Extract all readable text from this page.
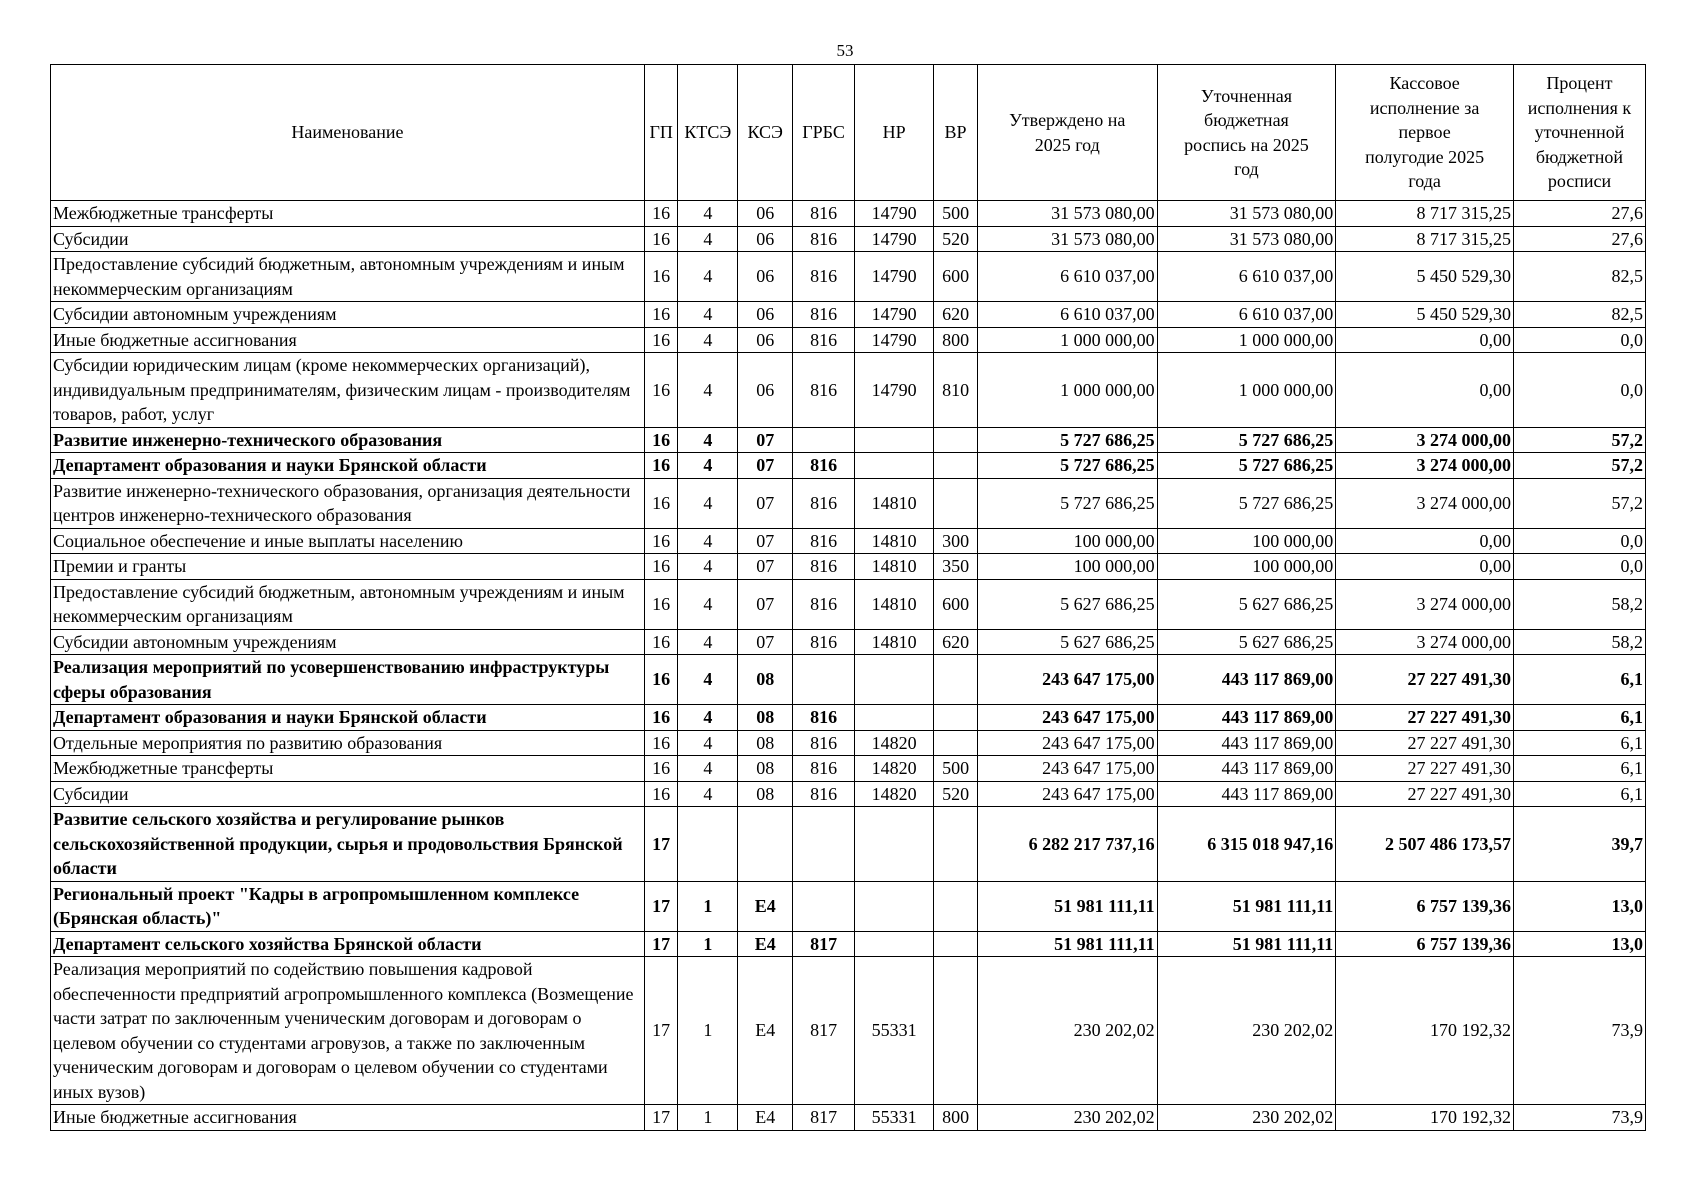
53
Наименование	ГП	КТСЭ	КСЭ	ГРБС	НР	ВР	Утверждено на 2025 год	Уточненная бюджетная роспись на 2025 год	Кассовое исполнение за первое полугодие 2025 года	Процент исполнения к уточненной бюджетной росписи
Межбюджетные трансферты	16	4	06	816	14790	500	31 573 080,00	31 573 080,00	8 717 315,25	27,6
Субсидии	16	4	06	816	14790	520	31 573 080,00	31 573 080,00	8 717 315,25	27,6
Предоставление субсидий бюджетным, автономным учреждениям и иным некоммерческим организациям	16	4	06	816	14790	600	6 610 037,00	6 610 037,00	5 450 529,30	82,5
Субсидии автономным учреждениям	16	4	06	816	14790	620	6 610 037,00	6 610 037,00	5 450 529,30	82,5
Иные бюджетные ассигнования	16	4	06	816	14790	800	1 000 000,00	1 000 000,00	0,00	0,0
Субсидии юридическим лицам (кроме некоммерческих организаций), индивидуальным предпринимателям, физическим лицам - производителям товаров, работ, услуг	16	4	06	816	14790	810	1 000 000,00	1 000 000,00	0,00	0,0
Развитие инженерно-технического образования	16	4	07				5 727 686,25	5 727 686,25	3 274 000,00	57,2
Департамент образования и науки Брянской области	16	4	07	816			5 727 686,25	5 727 686,25	3 274 000,00	57,2
Развитие инженерно-технического образования, организация деятельности центров инженерно-технического образования	16	4	07	816	14810		5 727 686,25	5 727 686,25	3 274 000,00	57,2
Социальное обеспечение и иные выплаты населению	16	4	07	816	14810	300	100 000,00	100 000,00	0,00	0,0
Премии и гранты	16	4	07	816	14810	350	100 000,00	100 000,00	0,00	0,0
Предоставление субсидий бюджетным, автономным учреждениям и иным некоммерческим организациям	16	4	07	816	14810	600	5 627 686,25	5 627 686,25	3 274 000,00	58,2
Субсидии автономным учреждениям	16	4	07	816	14810	620	5 627 686,25	5 627 686,25	3 274 000,00	58,2
Реализация мероприятий по усовершенствованию инфраструктуры сферы образования	16	4	08				243 647 175,00	443 117 869,00	27 227 491,30	6,1
Департамент образования и науки Брянской области	16	4	08	816			243 647 175,00	443 117 869,00	27 227 491,30	6,1
Отдельные мероприятия по развитию образования	16	4	08	816	14820		243 647 175,00	443 117 869,00	27 227 491,30	6,1
Межбюджетные трансферты	16	4	08	816	14820	500	243 647 175,00	443 117 869,00	27 227 491,30	6,1
Субсидии	16	4	08	816	14820	520	243 647 175,00	443 117 869,00	27 227 491,30	6,1
Развитие сельского хозяйства и регулирование рынков сельскохозяйственной продукции, сырья и продовольствия Брянской области	17						6 282 217 737,16	6 315 018 947,16	2 507 486 173,57	39,7
Региональный проект "Кадры в агропромышленном комплексе (Брянская область)"	17	1	Е4				51 981 111,11	51 981 111,11	6 757 139,36	13,0
Департамент сельского хозяйства Брянской области	17	1	Е4	817			51 981 111,11	51 981 111,11	6 757 139,36	13,0
Реализация мероприятий по содействию повышения кадровой обеспеченности предприятий агропромышленного комплекса (Возмещение части затрат по заключенным ученическим договорам и договорам о целевом обучении со студентами агровузов, а также по заключенным ученическим договорам и договорам о целевом обучении со студентами иных вузов)	17	1	Е4	817	55331		230 202,02	230 202,02	170 192,32	73,9
Иные бюджетные ассигнования	17	1	Е4	817	55331	800	230 202,02	230 202,02	170 192,32	73,9
